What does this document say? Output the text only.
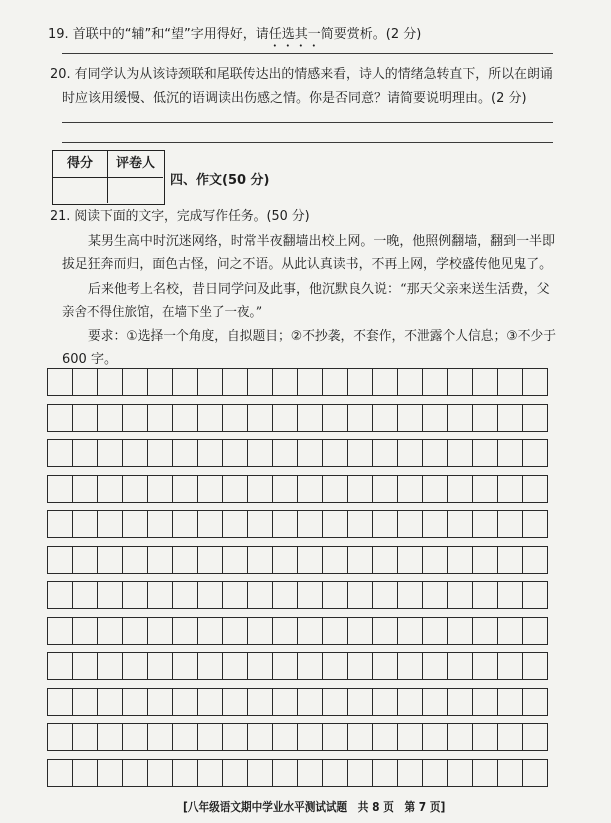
19. 首联中的“辅”和“望”字用得好，请任选其一简要赏析。(2 分)
20. 有同学认为从该诗颈联和尾联传达出的情感来看，诗人的情绪急转直下，所以在朗诵
时应该用缓慢、低沉的语调读出伤感之情。你是否同意？请简要说明理由。(2 分)
得分	评卷人
四、作文(50 分)
21. 阅读下面的文字，完成写作任务。(50 分)
某男生高中时沉迷网络，时常半夜翻墙出校上网。一晚，他照例翻墙，翻到一半即
拔足狂奔而归，面色古怪，问之不语。从此认真读书，不再上网，学校盛传他见鬼了。
后来他考上名校，昔日同学问及此事，他沉默良久说：“那天父亲来送生活费，父
亲舍不得住旅馆，在墙下坐了一夜。”
要求：①选择一个角度，自拟题目；②不抄袭，不套作，不泄露个人信息；③不少于
600 字。
[八年级语文期中学业水平测试试题　共 8 页　第 7 页]
